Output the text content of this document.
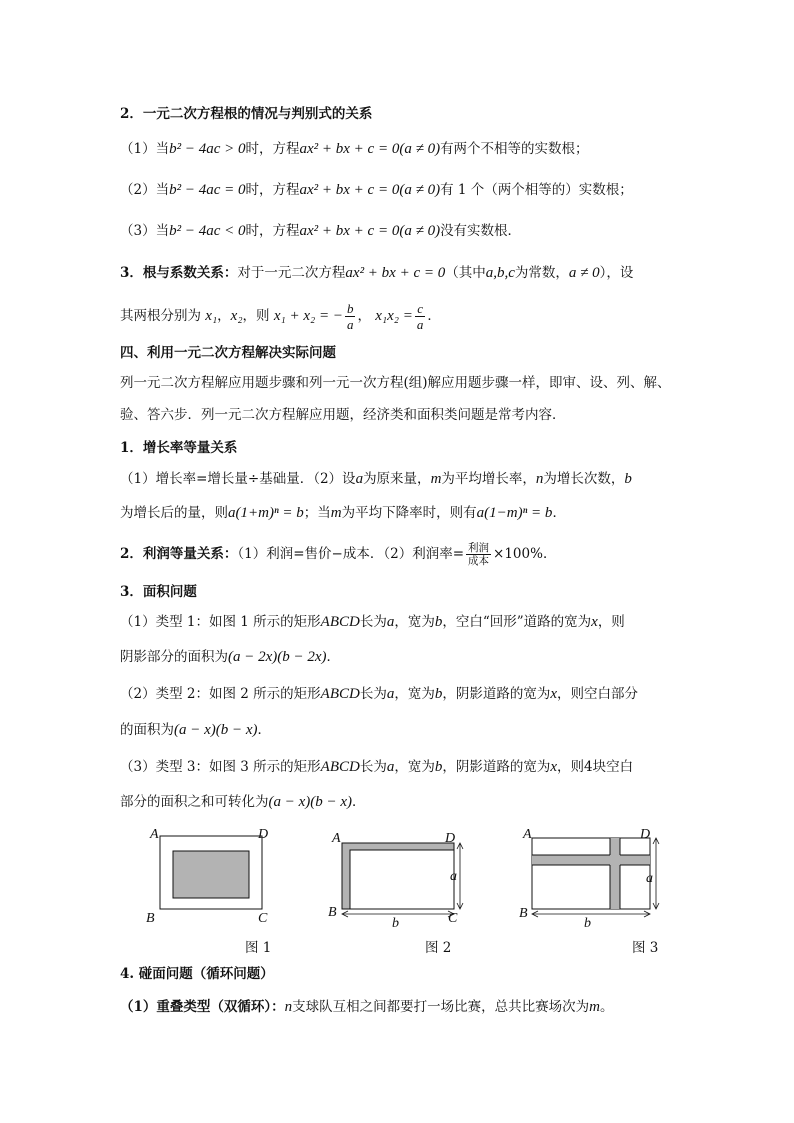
2．一元二次方程根的情况与判别式的关系
（1）当b² − 4ac > 0时，方程ax² + bx + c = 0(a ≠ 0)有两个不相等的实数根；
（2）当b² − 4ac = 0时，方程ax² + bx + c = 0(a ≠ 0)有 1 个（两个相等的）实数根；
（3）当b² − 4ac < 0时，方程ax² + bx + c = 0(a ≠ 0)没有实数根．
3．根与系数关系：对于一元二次方程ax² + bx + c = 0（其中a,b,c为常数，a ≠ 0），设
其两根分别为 x₁，x₂，则 x₁ + x₂ = − $\frac{b}{a}$ ， $x_1x_2 = \frac{c}{a}$ ．
四、利用一元二次方程解决实际问题
列一元二次方程解应用题步骤和列一元一次方程(组)解应用题步骤一样，即审、设、列、解、
验、答六步．列一元二次方程解应用题，经济类和面积类问题是常考内容．
1．增长率等量关系
（1）增长率=增长量÷基础量．（2）设a为原来量，m为平均增长率，n为增长次数，b
为增长后的量，则a(1+m)ⁿ = b；当m为平均下降率时，则有a(1−m)ⁿ = b．
2．利润等量关系：（1）利润=售价−成本．（2）利润率= $\frac{\text{利润}}{\text{成本}} \times 100\%$．
3．面积问题
（1）类型 1：如图 1 所示的矩形ABCD长为a，宽为b，空白“回形”道路的宽为x，则
阴影部分的面积为(a − 2x)(b − 2x)．
（2）类型 2：如图 2 所示的矩形ABCD长为a，宽为b，阴影道路的宽为x，则空白部分
的面积为(a − x)(b − x)．
（3）类型 3：如图 3 所示的矩形ABCD长为a，宽为b，阴影道路的宽为x，则4块空白
部分的面积之和可转化为(a − x)(b − x)．
A	D
B	C
A	D
B	C
a
b
A	D
B
a
b
图 1	图 2	图 3
4. 碰面问题（循环问题）
（1）重叠类型（双循环）：n支球队互相之间都要打一场比赛，总共比赛场次为m。
